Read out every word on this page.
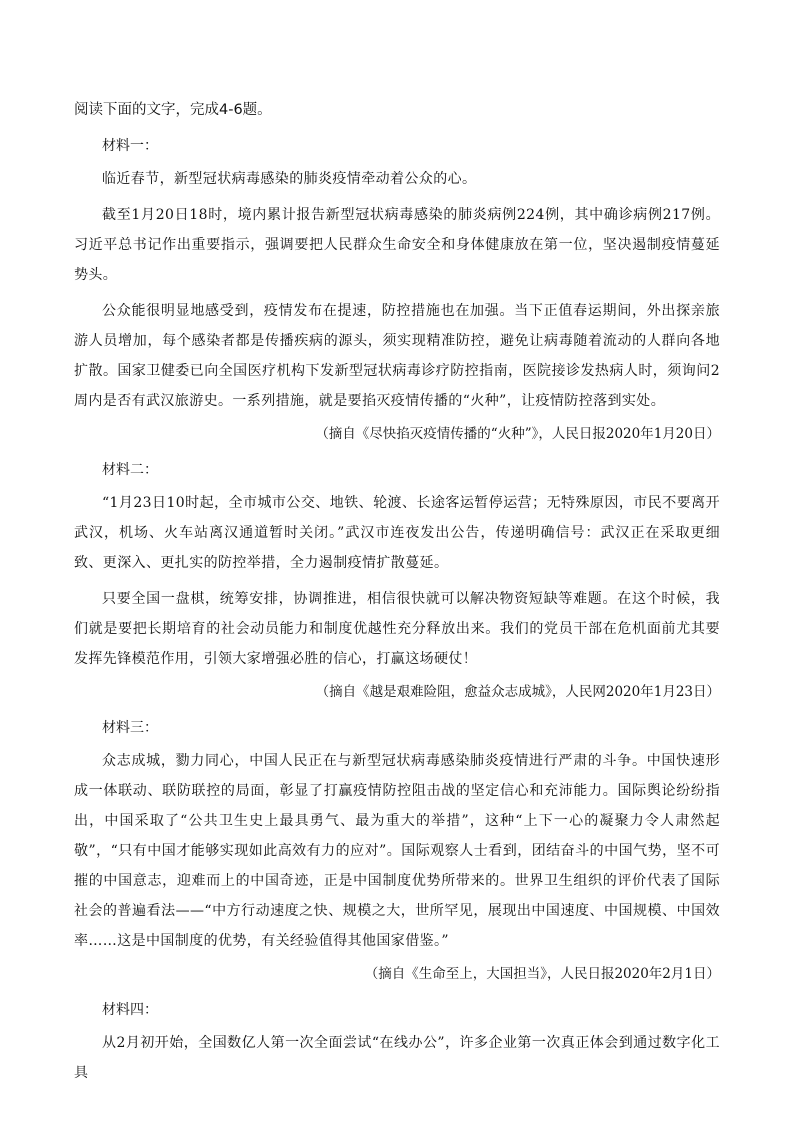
阅读下面的文字，完成4-6题。

材料一：

临近春节，新型冠状病毒感染的肺炎疫情牵动着公众的心。

截至1月20日18时，境内累计报告新型冠状病毒感染的肺炎病例224例，其中确诊病例217例。习近平总书记作出重要指示，强调要把人民群众生命安全和身体健康放在第一位，坚决遏制疫情蔓延势头。

公众能很明显地感受到，疫情发布在提速，防控措施也在加强。当下正值春运期间，外出探亲旅游人员增加，每个感染者都是传播疾病的源头，须实现精准防控，避免让病毒随着流动的人群向各地扩散。国家卫健委已向全国医疗机构下发新型冠状病毒诊疗防控指南，医院接诊发热病人时，须询问2周内是否有武汉旅游史。一系列措施，就是要掐灭疫情传播的“火种”，让疫情防控落到实处。

（摘自《尽快掐灭疫情传播的“火种”》，人民日报2020年1月20日）

材料二：

“1月23日10时起，全市城市公交、地铁、轮渡、长途客运暂停运营；无特殊原因，市民不要离开武汉，机场、火车站离汉通道暂时关闭。”武汉市连夜发出公告，传递明确信号：武汉正在采取更细致、更深入、更扎实的防控举措，全力遏制疫情扩散蔓延。

只要全国一盘棋，统筹安排，协调推进，相信很快就可以解决物资短缺等难题。在这个时候，我们就是要把长期培育的社会动员能力和制度优越性充分释放出来。我们的党员干部在危机面前尤其要发挥先锋模范作用，引领大家增强必胜的信心，打赢这场硬仗！

（摘自《越是艰难险阻，愈益众志成城》，人民网2020年1月23日）

材料三：

众志成城，勠力同心，中国人民正在与新型冠状病毒感染肺炎疫情进行严肃的斗争。中国快速形成一体联动、联防联控的局面，彰显了打赢疫情防控阻击战的坚定信心和充沛能力。国际舆论纷纷指出，中国采取了“公共卫生史上最具勇气、最为重大的举措”，这种“上下一心的凝聚力令人肃然起敬”，“只有中国才能够实现如此高效有力的应对”。国际观察人士看到，团结奋斗的中国气势，坚不可摧的中国意志，迎难而上的中国奇迹，正是中国制度优势所带来的。世界卫生组织的评价代表了国际社会的普遍看法——“中方行动速度之快、规模之大，世所罕见，展现出中国速度、中国规模、中国效率……这是中国制度的优势，有关经验值得其他国家借鉴。”

（摘自《生命至上，大国担当》，人民日报2020年2月1日）

材料四：

从2月初开始，全国数亿人第一次全面尝试“在线办公”，许多企业第一次真正体会到通过数字化工具
